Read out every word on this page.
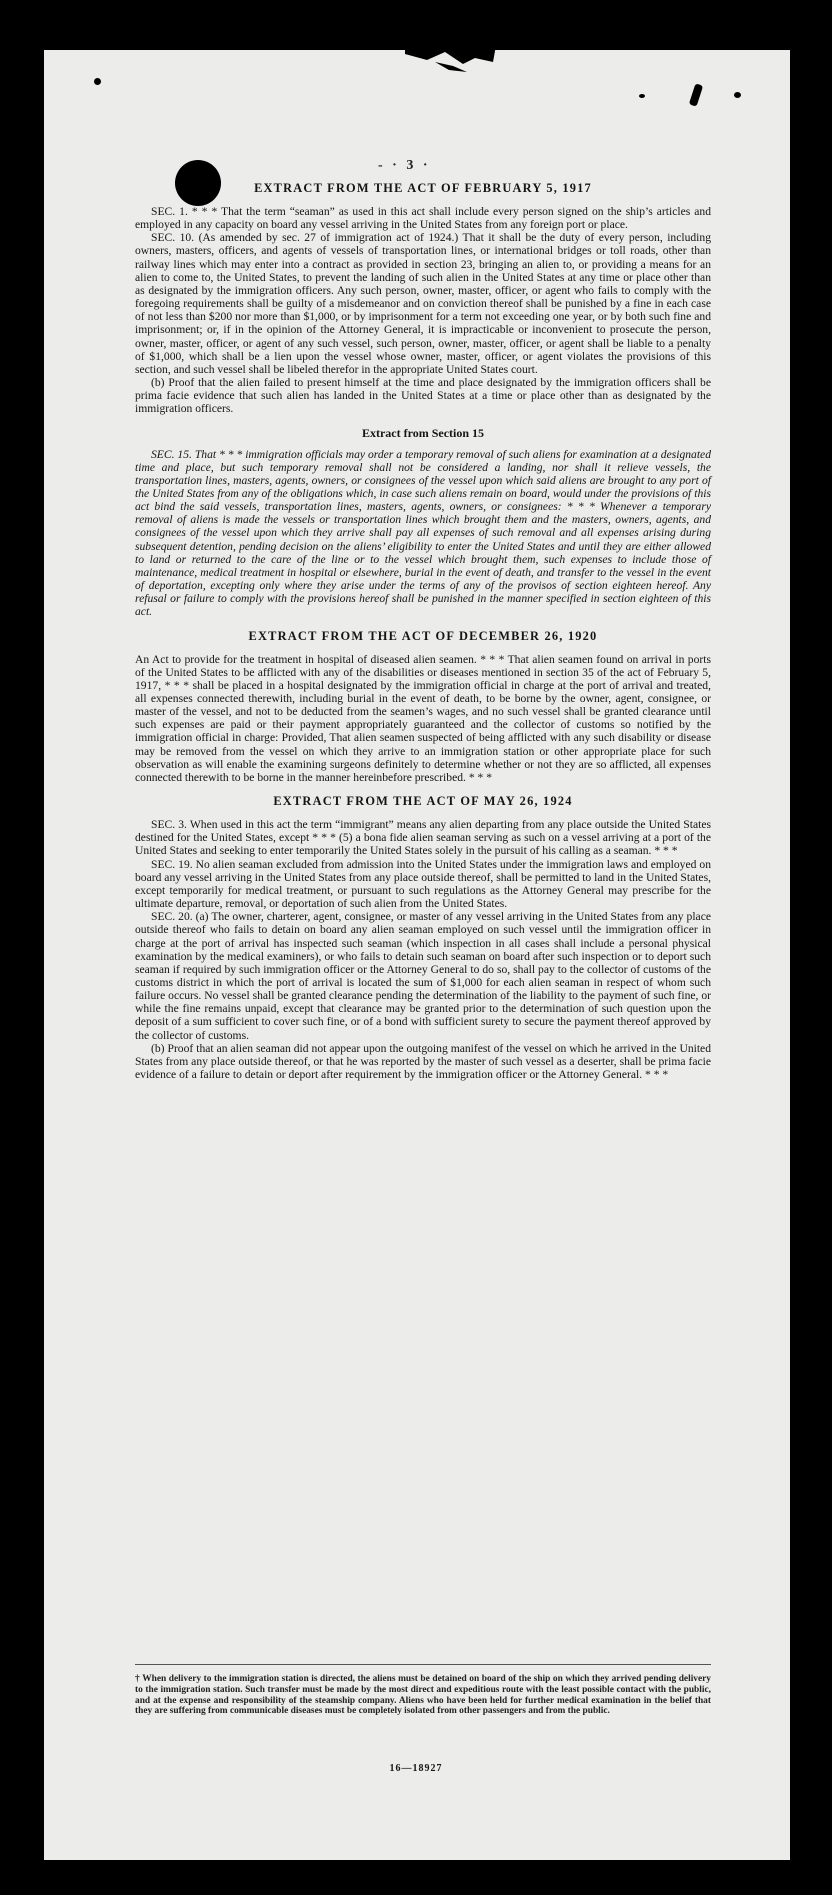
- · 3 ·
EXTRACT FROM THE ACT OF FEBRUARY 5, 1917

SEC. 1. * * * That the term “seaman” as used in this act shall include every person signed on the ship’s articles and employed in any capacity on board any vessel arriving in the United States from any foreign port or place.

SEC. 10. (As amended by sec. 27 of immigration act of 1924.) That it shall be the duty of every person, including owners, masters, officers, and agents of vessels of transportation lines, or international bridges or toll roads, other than railway lines which may enter into a contract as provided in section 23, bringing an alien to, or providing a means for an alien to come to, the United States, to prevent the landing of such alien in the United States at any time or place other than as designated by the immigration officers. Any such person, owner, master, officer, or agent who fails to comply with the foregoing requirements shall be guilty of a misdemeanor and on conviction thereof shall be punished by a fine in each case of not less than $200 nor more than $1,000, or by imprisonment for a term not exceeding one year, or by both such fine and imprisonment; or, if in the opinion of the Attorney General, it is impracticable or inconvenient to prosecute the person, owner, master, officer, or agent of any such vessel, such person, owner, master, officer, or agent shall be liable to a penalty of $1,000, which shall be a lien upon the vessel whose owner, master, officer, or agent violates the provisions of this section, and such vessel shall be libeled therefor in the appropriate United States court.

(b) Proof that the alien failed to present himself at the time and place designated by the immigration officers shall be prima facie evidence that such alien has landed in the United States at a time or place other than as designated by the immigration officers.

Extract from Section 15

SEC. 15. That * * * immigration officials may order a temporary removal of such aliens for examination at a designated time and place, but such temporary removal shall not be considered a landing, nor shall it relieve vessels, the transportation lines, masters, agents, owners, or consignees of the vessel upon which said aliens are brought to any port of the United States from any of the obligations which, in case such aliens remain on board, would under the provisions of this act bind the said vessels, transportation lines, masters, agents, owners, or consignees: * * * Whenever a temporary removal of aliens is made the vessels or transportation lines which brought them and the masters, owners, agents, and consignees of the vessel upon which they arrive shall pay all expenses of such removal and all expenses arising during subsequent detention, pending decision on the aliens’ eligibility to enter the United States and until they are either allowed to land or returned to the care of the line or to the vessel which brought them, such expenses to include those of maintenance, medical treatment in hospital or elsewhere, burial in the event of death, and transfer to the vessel in the event of deportation, excepting only where they arise under the terms of any of the provisos of section eighteen hereof. Any refusal or failure to comply with the provisions hereof shall be punished in the manner specified in section eighteen of this act.

EXTRACT FROM THE ACT OF DECEMBER 26, 1920

An Act to provide for the treatment in hospital of diseased alien seamen. * * * That alien seamen found on arrival in ports of the United States to be afflicted with any of the disabilities or diseases mentioned in section 35 of the act of February 5, 1917, * * * shall be placed in a hospital designated by the immigration official in charge at the port of arrival and treated, all expenses connected therewith, including burial in the event of death, to be borne by the owner, agent, consignee, or master of the vessel, and not to be deducted from the seamen’s wages, and no such vessel shall be granted clearance until such expenses are paid or their payment appropriately guaranteed and the collector of customs so notified by the immigration official in charge: Provided, That alien seamen suspected of being afflicted with any such disability or disease may be removed from the vessel on which they arrive to an immigration station or other appropriate place for such observation as will enable the examining surgeons definitely to determine whether or not they are so afflicted, all expenses connected therewith to be borne in the manner hereinbefore prescribed. * * *

EXTRACT FROM THE ACT OF MAY 26, 1924

SEC. 3. When used in this act the term “immigrant” means any alien departing from any place outside the United States destined for the United States, except * * * (5) a bona fide alien seaman serving as such on a vessel arriving at a port of the United States and seeking to enter temporarily the United States solely in the pursuit of his calling as a seaman. * * *

SEC. 19. No alien seaman excluded from admission into the United States under the immigration laws and employed on board any vessel arriving in the United States from any place outside thereof, shall be permitted to land in the United States, except temporarily for medical treatment, or pursuant to such regulations as the Attorney General may prescribe for the ultimate departure, removal, or deportation of such alien from the United States.

SEC. 20. (a) The owner, charterer, agent, consignee, or master of any vessel arriving in the United States from any place outside thereof who fails to detain on board any alien seaman employed on such vessel until the immigration officer in charge at the port of arrival has inspected such seaman (which inspection in all cases shall include a personal physical examination by the medical examiners), or who fails to detain such seaman on board after such inspection or to deport such seaman if required by such immigration officer or the Attorney General to do so, shall pay to the collector of customs of the customs district in which the port of arrival is located the sum of $1,000 for each alien seaman in respect of whom such failure occurs. No vessel shall be granted clearance pending the determination of the liability to the payment of such fine, or while the fine remains unpaid, except that clearance may be granted prior to the determination of such question upon the deposit of a sum sufficient to cover such fine, or of a bond with sufficient surety to secure the payment thereof approved by the collector of customs.

(b) Proof that an alien seaman did not appear upon the outgoing manifest of the vessel on which he arrived in the United States from any place outside thereof, or that he was reported by the master of such vessel as a deserter, shall be prima facie evidence of a failure to detain or deport after requirement by the immigration officer or the Attorney General. * * *

† When delivery to the immigration station is directed, the aliens must be detained on board of the ship on which they arrived pending delivery to the immigration station. Such transfer must be made by the most direct and expeditious route with the least possible contact with the public, and at the expense and responsibility of the steamship company. Aliens who have been held for further medical examination in the belief that they are suffering from communicable diseases must be completely isolated from other passengers and from the public.
16—18927
